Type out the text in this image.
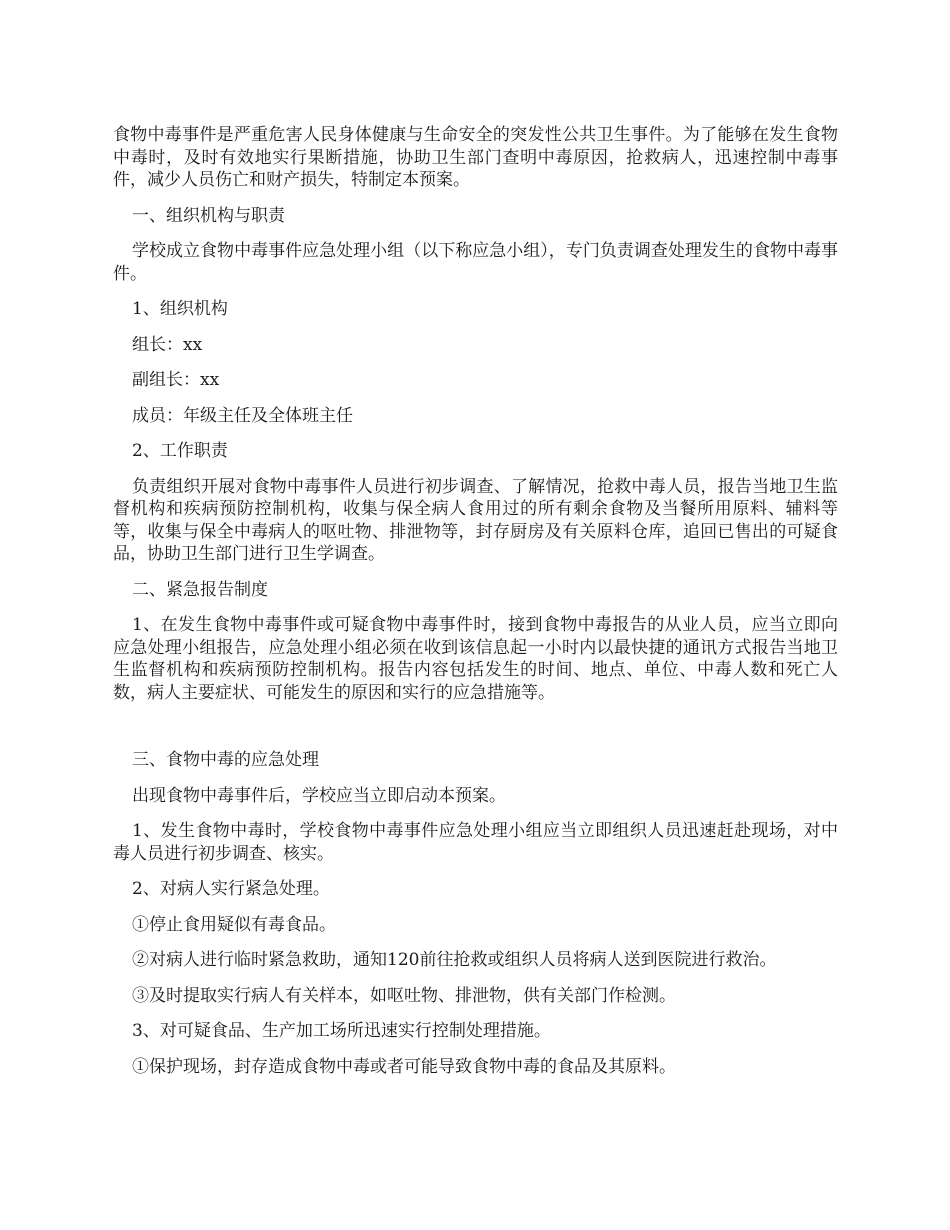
食物中毒事件是严重危害人民身体健康与生命安全的突发性公共卫生事件。为了能够在发生食物中毒时，及时有效地实行果断措施，协助卫生部门查明中毒原因，抢救病人，迅速控制中毒事件，减少人员伤亡和财产损失，特制定本预案。

一、组织机构与职责

学校成立食物中毒事件应急处理小组（以下称应急小组），专门负责调查处理发生的食物中毒事件。

1、组织机构

组长：xx

副组长：xx

成员：年级主任及全体班主任

2、工作职责

负责组织开展对食物中毒事件人员进行初步调查、了解情况，抢救中毒人员，报告当地卫生监督机构和疾病预防控制机构，收集与保全病人食用过的所有剩余食物及当餐所用原料、辅料等等，收集与保全中毒病人的呕吐物、排泄物等，封存厨房及有关原料仓库，追回已售出的可疑食品，协助卫生部门进行卫生学调查。

二、紧急报告制度

1、在发生食物中毒事件或可疑食物中毒事件时，接到食物中毒报告的从业人员，应当立即向应急处理小组报告，应急处理小组必须在收到该信息起一小时内以最快捷的通讯方式报告当地卫生监督机构和疾病预防控制机构。报告内容包括发生的时间、地点、单位、中毒人数和死亡人数，病人主要症状、可能发生的原因和实行的应急措施等。

三、食物中毒的应急处理

出现食物中毒事件后，学校应当立即启动本预案。

1、发生食物中毒时，学校食物中毒事件应急处理小组应当立即组织人员迅速赶赴现场，对中毒人员进行初步调查、核实。

2、对病人实行紧急处理。

①停止食用疑似有毒食品。

②对病人进行临时紧急救助，通知120前往抢救或组织人员将病人送到医院进行救治。

③及时提取实行病人有关样本，如呕吐物、排泄物，供有关部门作检测。

3、对可疑食品、生产加工场所迅速实行控制处理措施。

①保护现场，封存造成食物中毒或者可能导致食物中毒的食品及其原料。
